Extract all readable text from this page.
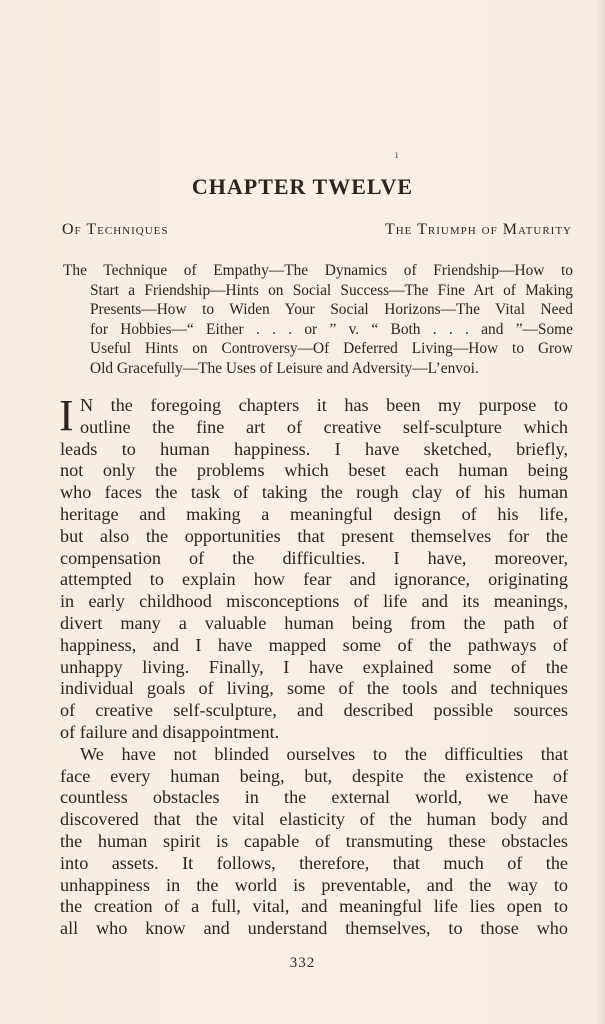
ı
CHAPTER TWELVE

Of Techniques	The Triumph of Maturity

The Technique of Empathy—The Dynamics of Friendship—How to
Start a Friendship—Hints on Social Success—The Fine Art of Making
Presents—How to Widen Your Social Horizons—The Vital Need
for Hobbies—“ Either . . . or ” v. “ Both . . . and ”—Some
Useful Hints on Controversy—Of Deferred Living—How to Grow
Old Gracefully—The Uses of Leisure and Adversity—L’envoi.
I N the foregoing chapters it has been my purpose to
outline the fine art of creative self-sculpture which
leads to human happiness. I have sketched, briefly,
not only the problems which beset each human being
who faces the task of taking the rough clay of his human
heritage and making a meaningful design of his life,
but also the opportunities that present themselves for the
compensation of the difficulties. I have, moreover,
attempted to explain how fear and ignorance, originating
in early childhood misconceptions of life and its meanings,
divert many a valuable human being from the path of
happiness, and I have mapped some of the pathways of
unhappy living. Finally, I have explained some of the
individual goals of living, some of the tools and techniques
of creative self-sculpture, and described possible sources
of failure and disappointment.
We have not blinded ourselves to the difficulties that
face every human being, but, despite the existence of
countless obstacles in the external world, we have
discovered that the vital elasticity of the human body and
the human spirit is capable of transmuting these obstacles
into assets. It follows, therefore, that much of the
unhappiness in the world is preventable, and the way to
the creation of a full, vital, and meaningful life lies open to
all who know and understand themselves, to those who

332
